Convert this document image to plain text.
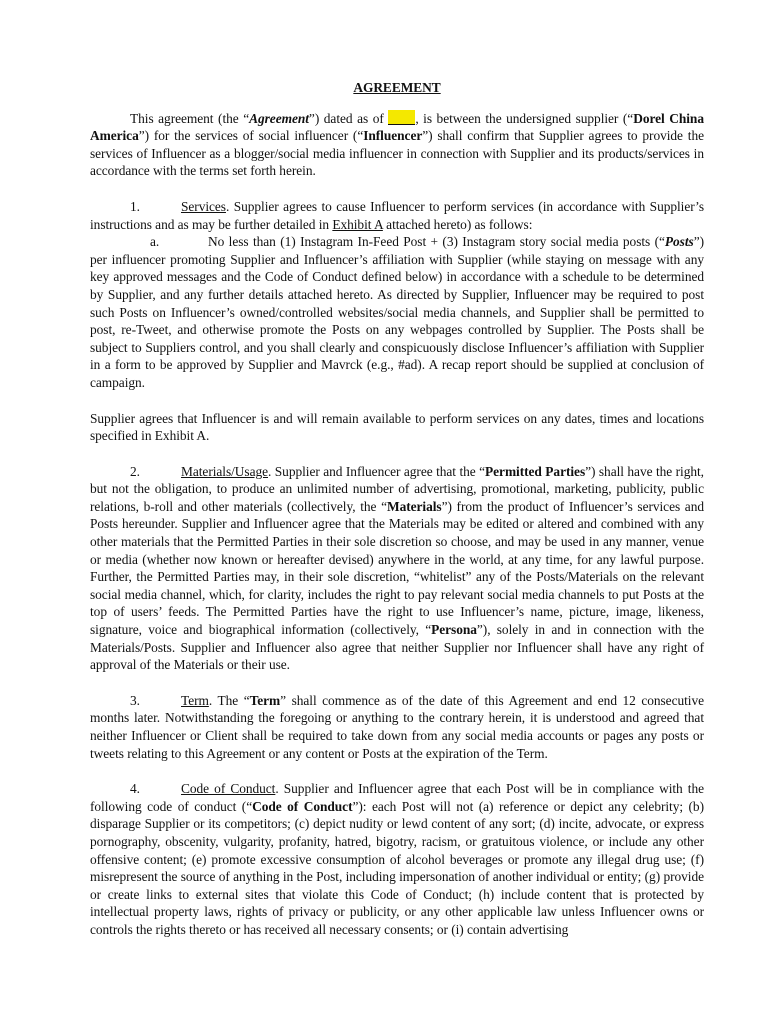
AGREEMENT

This agreement (the “Agreement”) dated as of , is between the undersigned supplier (“Dorel China America”) for the services of social influencer (“Influencer”) shall confirm that Supplier agrees to provide the services of Influencer as a blogger/social media influencer in connection with Supplier and its products/services in accordance with the terms set forth herein.

1.	Services. Supplier agrees to cause Influencer to perform services (in accordance with Supplier’s instructions and as may be further detailed in Exhibit A attached hereto) as follows:

a.	No less than (1) Instagram In-Feed Post + (3) Instagram story social media posts (“Posts”) per influencer promoting Supplier and Influencer’s affiliation with Supplier (while staying on message with any key approved messages and the Code of Conduct defined below) in accordance with a schedule to be determined by Supplier, and any further details attached hereto. As directed by Supplier, Influencer may be required to post such Posts on Influencer’s owned/controlled websites/social media channels, and Supplier shall be permitted to post, re-Tweet, and otherwise promote the Posts on any webpages controlled by Supplier. The Posts shall be subject to Suppliers control, and you shall clearly and conspicuously disclose Influencer’s affiliation with Supplier in a form to be approved by Supplier and Mavrck (e.g., #ad). A recap report should be supplied at conclusion of campaign.

Supplier agrees that Influencer is and will remain available to perform services on any dates, times and locations specified in Exhibit A.

2.	Materials/Usage. Supplier and Influencer agree that the “Permitted Parties”) shall have the right, but not the obligation, to produce an unlimited number of advertising, promotional, marketing, publicity, public relations, b-roll and other materials (collectively, the “Materials”) from the product of Influencer’s services and Posts hereunder. Supplier and Influencer agree that the Materials may be edited or altered and combined with any other materials that the Permitted Parties in their sole discretion so choose, and may be used in any manner, venue or media (whether now known or hereafter devised) anywhere in the world, at any time, for any lawful purpose. Further, the Permitted Parties may, in their sole discretion, “whitelist” any of the Posts/Materials on the relevant social media channel, which, for clarity, includes the right to pay relevant social media channels to put Posts at the top of users’ feeds. The Permitted Parties have the right to use Influencer’s name, picture, image, likeness, signature, voice and biographical information (collectively, “Persona”), solely in and in connection with the Materials/Posts. Supplier and Influencer also agree that neither Supplier nor Influencer shall have any right of approval of the Materials or their use.

3.	Term. The “Term” shall commence as of the date of this Agreement and end 12 consecutive months later. Notwithstanding the foregoing or anything to the contrary herein, it is understood and agreed that neither Influencer or Client shall be required to take down from any social media accounts or pages any posts or tweets relating to this Agreement or any content or Posts at the expiration of the Term.

4.	Code of Conduct. Supplier and Influencer agree that each Post will be in compliance with the following code of conduct (“Code of Conduct”): each Post will not (a) reference or depict any celebrity; (b) disparage Supplier or its competitors; (c) depict nudity or lewd content of any sort; (d) incite, advocate, or express pornography, obscenity, vulgarity, profanity, hatred, bigotry, racism, or gratuitous violence, or include any other offensive content; (e) promote excessive consumption of alcohol beverages or promote any illegal drug use; (f) misrepresent the source of anything in the Post, including impersonation of another individual or entity; (g) provide or create links to external sites that violate this Code of Conduct; (h) include content that is protected by intellectual property laws, rights of privacy or publicity, or any other applicable law unless Influencer owns or controls the rights thereto or has received all necessary consents; or (i) contain advertising
